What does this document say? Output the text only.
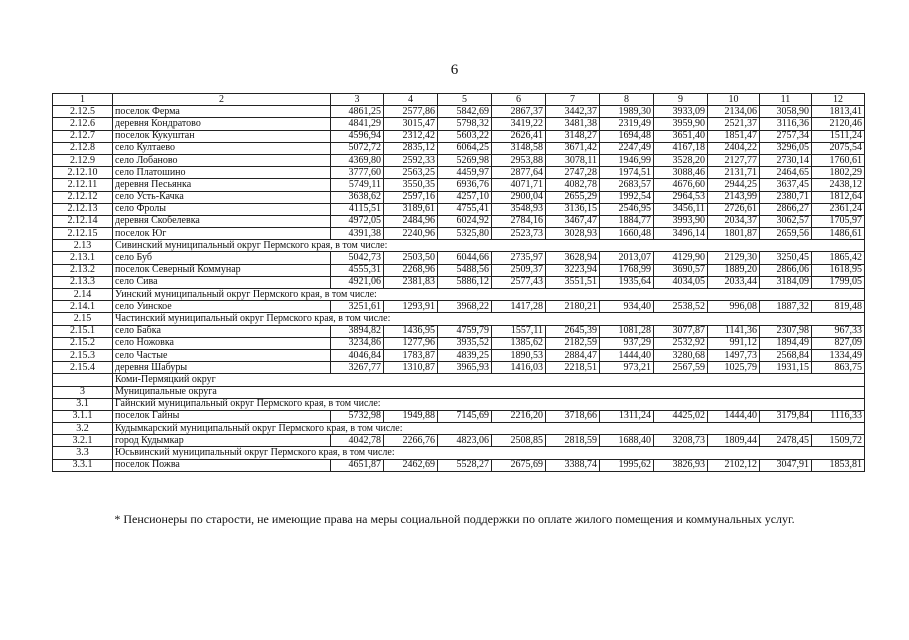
6
1	2	3	4	5	6	7	8	9	10	11	12
2.12.5	поселок Ферма	4861,25	2577,86	5842,69	2867,37	3442,37	1989,30	3933,09	2134,06	3058,90	1813,41
2.12.6	деревня Кондратово	4841,29	3015,47	5798,32	3419,22	3481,38	2319,49	3959,90	2521,37	3116,36	2120,46
2.12.7	поселок Кукуштан	4596,94	2312,42	5603,22	2626,41	3148,27	1694,48	3651,40	1851,47	2757,34	1511,24
2.12.8	село Култаево	5072,72	2835,12	6064,25	3148,58	3671,42	2247,49	4167,18	2404,22	3296,05	2075,54
2.12.9	село Лобаново	4369,80	2592,33	5269,98	2953,88	3078,11	1946,99	3528,20	2127,77	2730,14	1760,61
2.12.10	село Платошино	3777,60	2563,25	4459,97	2877,64	2747,28	1974,51	3088,46	2131,71	2464,65	1802,29
2.12.11	деревня Песьянка	5749,11	3550,35	6936,76	4071,71	4082,78	2683,57	4676,60	2944,25	3637,45	2438,12
2.12.12	село Усть-Качка	3638,62	2597,16	4257,10	2900,04	2655,29	1992,54	2964,53	2143,99	2380,71	1812,64
2.12.13	село Фролы	4115,51	3189,61	4755,41	3548,93	3136,15	2546,95	3456,11	2726,61	2866,27	2361,24
2.12.14	деревня Скобелевка	4972,05	2484,96	6024,92	2784,16	3467,47	1884,77	3993,90	2034,37	3062,57	1705,97
2.12.15	поселок Юг	4391,38	2240,96	5325,80	2523,73	3028,93	1660,48	3496,14	1801,87	2659,56	1486,61
2.13	Сивинский муниципальный округ Пермского края, в том числе:										
2.13.1	село Буб	5042,73	2503,50	6044,66	2735,97	3628,94	2013,07	4129,90	2129,30	3250,45	1865,42
2.13.2	поселок Северный Коммунар	4555,31	2268,96	5488,56	2509,37	3223,94	1768,99	3690,57	1889,20	2866,06	1618,95
2.13.3	село Сива	4921,06	2381,83	5886,12	2577,43	3551,51	1935,64	4034,05	2033,44	3184,09	1799,05
2.14	Уинский муниципальный округ Пермского края, в том числе:										
2.14.1	село Уинское	3251,61	1293,91	3968,22	1417,28	2180,21	934,40	2538,52	996,08	1887,32	819,48
2.15	Частинский муниципальный округ Пермского края, в том числе:										
2.15.1	село Бабка	3894,82	1436,95	4759,79	1557,11	2645,39	1081,28	3077,87	1141,36	2307,98	967,33
2.15.2	село Ножовка	3234,86	1277,96	3935,52	1385,62	2182,59	937,29	2532,92	991,12	1894,49	827,09
2.15.3	село Частые	4046,84	1783,87	4839,25	1890,53	2884,47	1444,40	3280,68	1497,73	2568,84	1334,49
2.15.4	деревня Шабуры	3267,77	1310,87	3965,93	1416,03	2218,51	973,21	2567,59	1025,79	1931,15	863,75
	Коми-Пермяцкий округ										
3	Муниципальные округа										
3.1	Гайнский муниципальный округ Пермского края, в том числе:										
3.1.1	поселок Гайны	5732,98	1949,88	7145,69	2216,20	3718,66	1311,24	4425,02	1444,40	3179,84	1116,33
3.2	Кудымкарский муниципальный округ Пермского края, в том числе:										
3.2.1	город Кудымкар	4042,78	2266,76	4823,06	2508,85	2818,59	1688,40	3208,73	1809,44	2478,45	1509,72
3.3	Юсьвинский муниципальный округ Пермского края, в том числе:										
3.3.1	поселок Пожва	4651,87	2462,69	5528,27	2675,69	3388,74	1995,62	3826,93	2102,12	3047,91	1853,81
* Пенсионеры по старости, не имеющие права на меры социальной поддержки по оплате жилого помещения и коммунальных услуг.
